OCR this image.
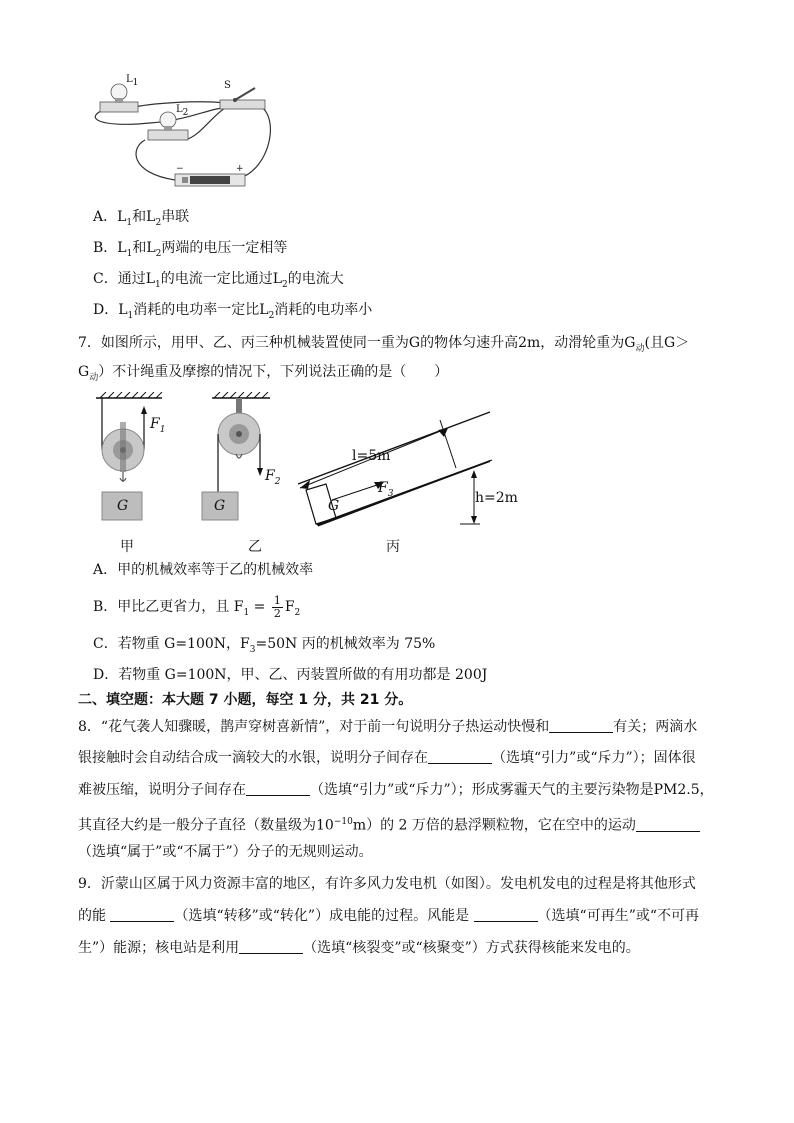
$L_1$
$L_2$
S
−	+
A．$L_1$和$L_2$串联
B．$L_1$和$L_2$两端的电压一定相等
C．通过$L_1$的电流一定比通过$L_2$的电流大
D．$L_1$消耗的电功率一定比$L_2$消耗的电功率小
7．如图所示，用甲、乙、丙三种机械装置使同一重为G的物体匀速升高2m，动滑轮重为$G_动$(且G＞
$G_动$）不计绳重及摩擦的情况下，下列说法正确的是（　　）
$F_1$
$F_2$	$F_3$
G	G	G
l=5m
h=2m
甲	乙	丙
A．甲的机械效率等于乙的机械效率
B．甲比乙更省力，且 $F_1 = \frac{1}{2} F_2$
C．若物重 G=100N，$F_3=50N$ 丙的机械效率为 75%
D．若物重 G=100N，甲、乙、丙装置所做的有用功都是 200J
二、填空题：本大题 7 小题，每空 1 分，共 21 分。
8．“花气袭人知骤暖，鹊声穿树喜新情”，对于前一句说明分子热运动快慢和	有关；两滴水
银接触时会自动结合成一滴较大的水银，说明分子间存在	（选填“引力”或“斥力”）；固体很
难被压缩，说明分子间存在	（选填“引力”或“斥力”）；形成雾霾天气的主要污染物是PM2.5，
其直径大约是一般分子直径（数量级为$10^{-10}m$）的 2 万倍的悬浮颗粒物，它在空中的运动
（选填“属于”或“不属于”）分子的无规则运动。
9．沂蒙山区属于风力资源丰富的地区，有许多风力发电机（如图）。发电机发电的过程是将其他形式
的能	（选填“转移”或“转化”）成电能的过程。风能是	（选填“可再生”或“不可再
生”）能源；核电站是利用	（选填“核裂变”或“核聚变”）方式获得核能来发电的。
